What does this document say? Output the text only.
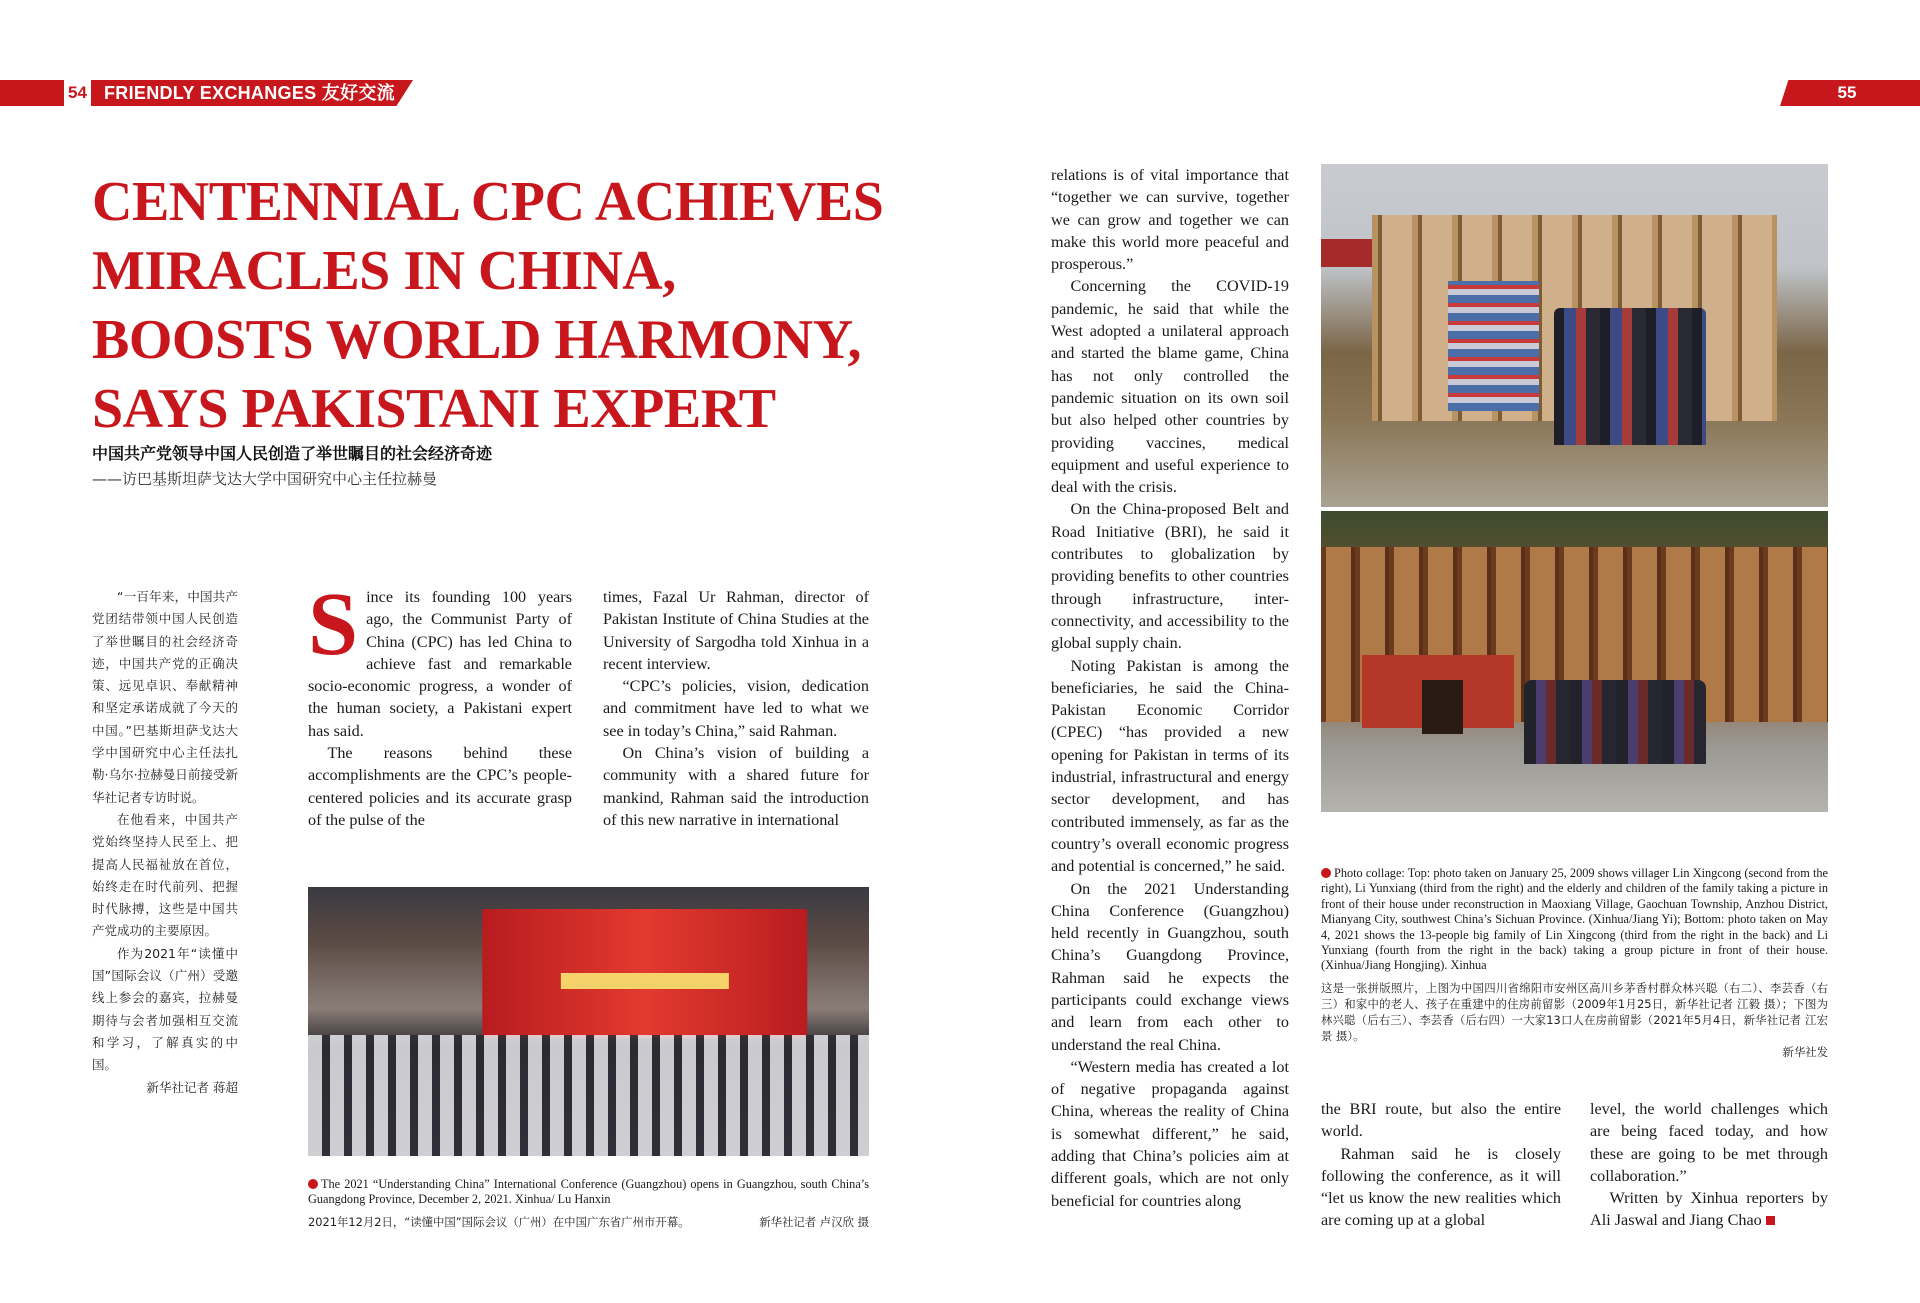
54 FRIENDLY EXCHANGES 友好交流	55
CENTENNIAL CPC ACHIEVES
MIRACLES IN CHINA,
BOOSTS WORLD HARMONY,
SAYS PAKISTANI EXPERT
中国共产党领导中国人民创造了举世瞩目的社会经济奇迹
——访巴基斯坦萨戈达大学中国研究中心主任拉赫曼

“一百年来，中国共产党团结带领中国人民创造了举世瞩目的社会经济奇迹，中国共产党的正确决策、远见卓识、奉献精神和坚定承诺成就了今天的中国。”巴基斯坦萨戈达大学中国研究中心主任法扎勒·乌尔·拉赫曼日前接受新华社记者专访时说。

在他看来，中国共产党始终坚持人民至上、把提高人民福祉放在首位，始终走在时代前列、把握时代脉搏，这些是中国共产党成功的主要原因。

作为2021年“读懂中国”国际会议（广州）受邀线上参会的嘉宾，拉赫曼期待与会者加强相互交流和学习，了解真实的中国。

新华社记者 蒋超

S ince its founding 100 years ago, the Communist Party of China (CPC) has led China to achieve fast and remarkable socio-economic progress, a wonder of the human society, a Pakistani expert has said.

The reasons behind these accomplishments are the CPC’s people-centered policies and its accurate grasp of the pulse of the

times, Fazal Ur Rahman, director of Pakistan Institute of China Studies at the University of Sargodha told Xinhua in a recent interview.

“CPC’s policies, vision, dedication and commitment have led to what we see in today’s China,” said Rahman.

On China’s vision of building a community with a shared future for mankind, Rahman said the introduction of this new narrative in international

The 2021 “Understanding China” International Conference (Guangzhou) opens in Guangzhou, south China’s Guangdong Province, December 2, 2021. Xinhua/ Lu Hanxin
2021年12月2日，“读懂中国”国际会议（广州）在中国广东省广州市开幕。	新华社记者 卢汉欣 摄

relations is of vital importance that “together we can survive, together we can grow and together we can make this world more peaceful and prosperous.”

Concerning the COVID-19 pandemic, he said that while the West adopted a unilateral approach and started the blame game, China has not only controlled the pandemic situation on its own soil but also helped other countries by providing vaccines, medical equipment and useful experience to deal with the crisis.

On the China-proposed Belt and Road Initiative (BRI), he said it contributes to globalization by providing benefits to other countries through infrastructure, inter-connectivity, and accessibility to the global supply chain.

Noting Pakistan is among the beneficiaries, he said the China-Pakistan Economic Corridor (CPEC) “has provided a new opening for Pakistan in terms of its industrial, infrastructural and energy sector development, and has contributed immensely, as far as the country’s overall economic progress and potential is concerned,” he said.

On the 2021 Understanding China Conference (Guangzhou) held recently in Guangzhou, south China’s Guangdong Province, Rahman said he expects the participants could exchange views and learn from each other to understand the real China.

“Western media has created a lot of negative propaganda against China, whereas the reality of China is somewhat different,” he said, adding that China’s policies aim at different goals, which are not only beneficial for countries along

Photo collage: Top: photo taken on January 25, 2009 shows villager Lin Xingcong (second from the right), Li Yunxiang (third from the right) and the elderly and children of the family taking a picture in front of their house under reconstruction in Maoxiang Village, Gaochuan Township, Anzhou District, Mianyang City, southwest China’s Sichuan Province. (Xinhua/Jiang Yi); Bottom: photo taken on May 4, 2021 shows the 13-people big family of Lin Xingcong (third from the right in the back) and Li Yunxiang (fourth from the right in the back) taking a group picture in front of their house. (Xinhua/Jiang Hongjing). Xinhua
这是一张拼版照片，上图为中国四川省绵阳市安州区高川乡茅香村群众林兴聪（右二）、李芸香（右三）和家中的老人、孩子在重建中的住房前留影（2009年1月25日，新华社记者 江毅 摄）；下图为林兴聪（后右三）、李芸香（后右四）一大家13口人在房前留影（2021年5月4日，新华社记者 江宏景 摄）。
新华社发

the BRI route, but also the entire world.

Rahman said he is closely following the conference, as it will “let us know the new realities which are coming up at a global

level, the world challenges which are being faced today, and how these are going to be met through collaboration.”

Written by Xinhua reporters by Ali Jaswal and Jiang Chao
